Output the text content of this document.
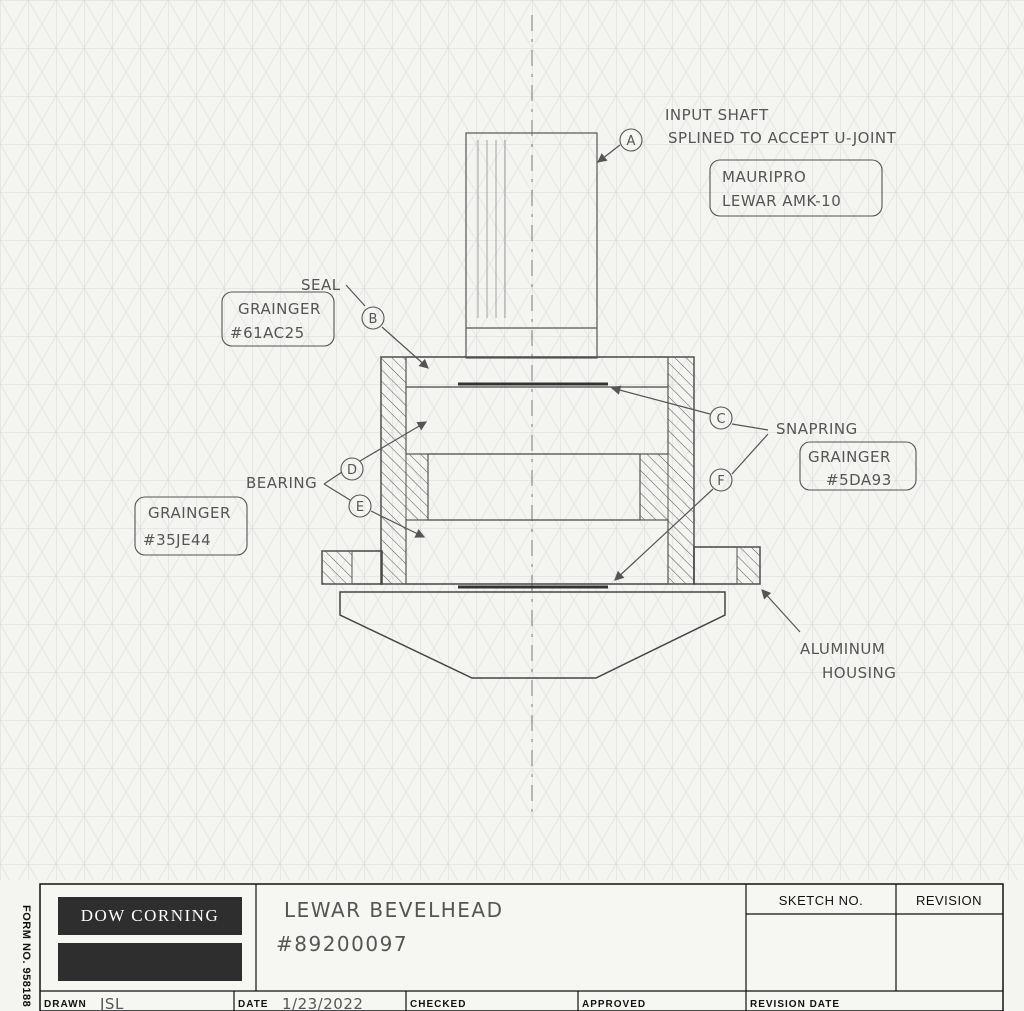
A
B
C
D
E
F
INPUT SHAFT
SPLINED TO ACCEPT U-JOINT
MAURIPRO
LEWAR AMK-10
SEAL
GRAINGER
#61AC25
SNAPRING
GRAINGER
#5DA93
BEARING
GRAINGER
#35JE44
ALUMINUM
HOUSING
DOW CORNING	LEWAR BEVELHEAD
#89200097
SKETCH NO.	REVISION
DRAWN JSL	DATE 1/23/2022	CHECKED	APPROVED	REVISION DATE
FORM NO. 958188
